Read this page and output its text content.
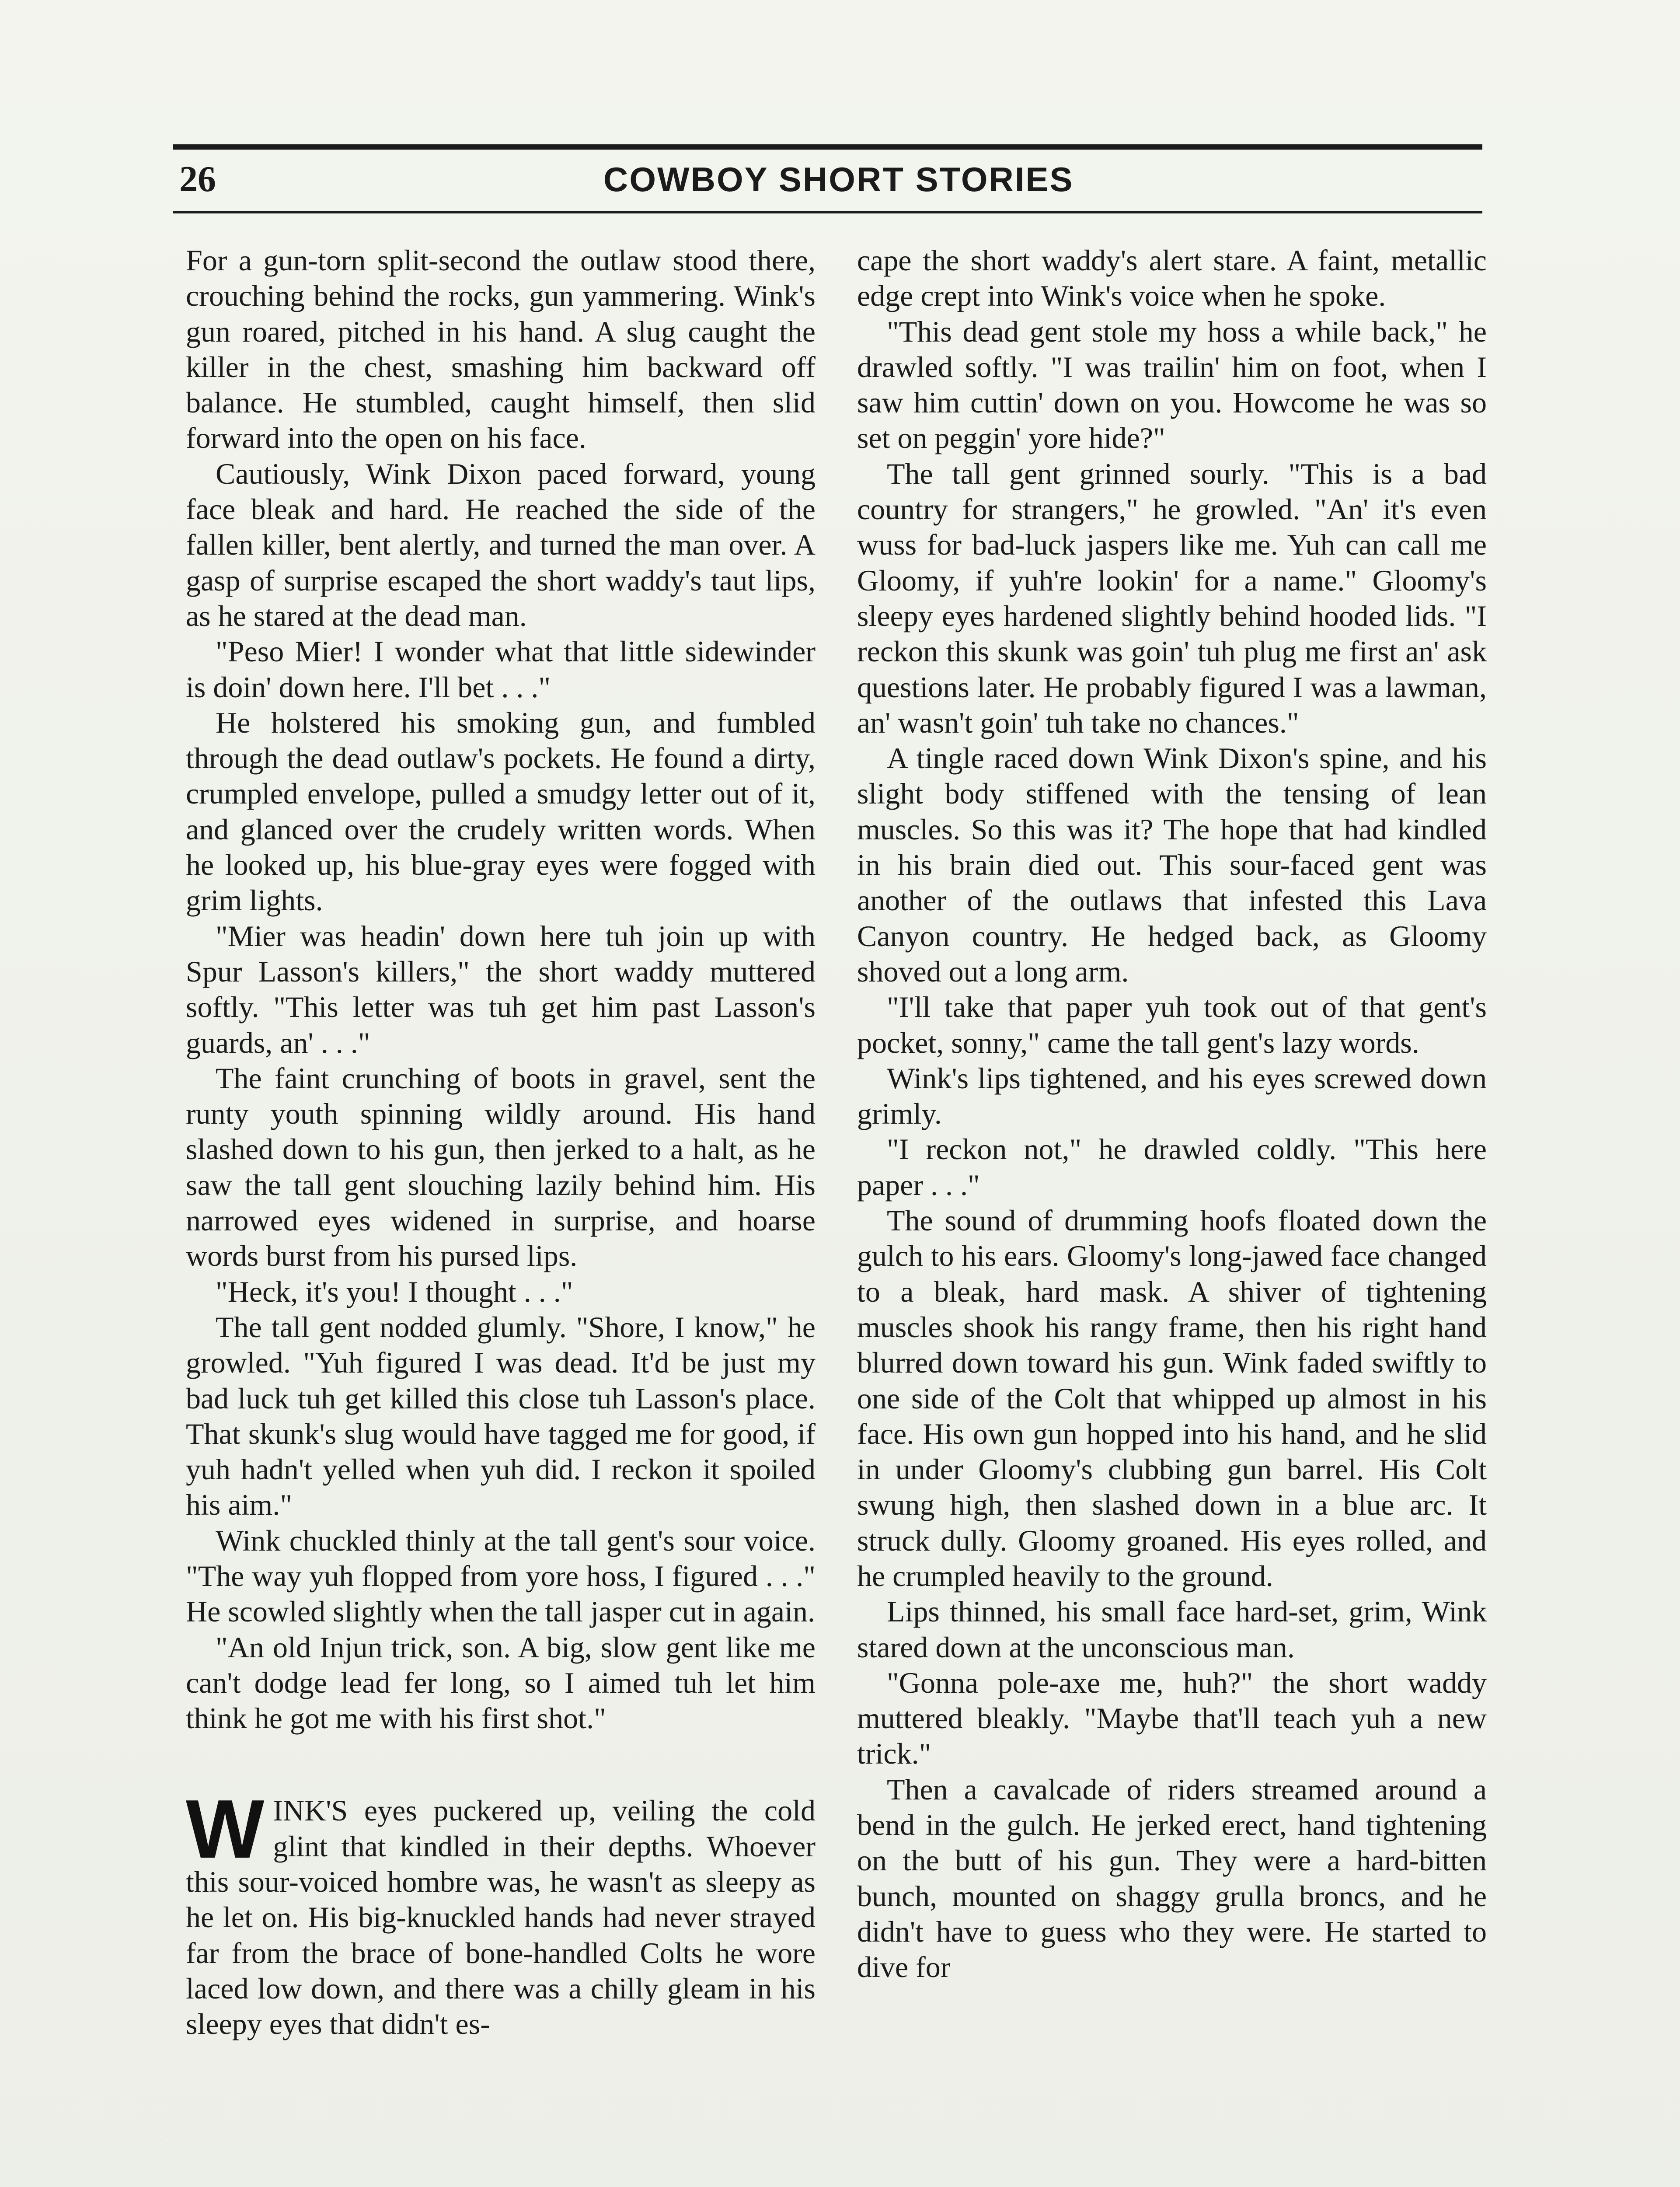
26	COWBOY SHORT STORIES

For a gun-torn split-second the outlaw stood there, crouching behind the rocks, gun yammering. Wink's gun roared, pitched in his hand. A slug caught the killer in the chest, smashing him backward off balance. He stumbled, caught himself, then slid forward into the open on his face.

Cautiously, Wink Dixon paced forward, young face bleak and hard. He reached the side of the fallen killer, bent alertly, and turned the man over. A gasp of surprise escaped the short waddy's taut lips, as he stared at the dead man.

"Peso Mier! I wonder what that little sidewinder is doin' down here. I'll bet . . ."

He holstered his smoking gun, and fumbled through the dead outlaw's pockets. He found a dirty, crumpled envelope, pulled a smudgy letter out of it, and glanced over the crudely written words. When he looked up, his blue-gray eyes were fogged with grim lights.

"Mier was headin' down here tuh join up with Spur Lasson's killers," the short waddy muttered softly. "This letter was tuh get him past Lasson's guards, an' . . ."

The faint crunching of boots in gravel, sent the runty youth spinning wildly around. His hand slashed down to his gun, then jerked to a halt, as he saw the tall gent slouching lazily behind him. His narrowed eyes widened in surprise, and hoarse words burst from his pursed lips.

"Heck, it's you! I thought . . ."

The tall gent nodded glumly. "Shore, I know," he growled. "Yuh figured I was dead. It'd be just my bad luck tuh get killed this close tuh Lasson's place. That skunk's slug would have tagged me for good, if yuh hadn't yelled when yuh did. I reckon it spoiled his aim."

Wink chuckled thinly at the tall gent's sour voice. "The way yuh flopped from yore hoss, I figured . . ." He scowled slightly when the tall jasper cut in again.

"An old Injun trick, son. A big, slow gent like me can't dodge lead fer long, so I aimed tuh let him think he got me with his first shot."

WINK'S eyes puckered up, veiling the cold glint that kindled in their depths. Whoever this sour-voiced hombre was, he wasn't as sleepy as he let on. His big-knuckled hands had never strayed far from the brace of bone-handled Colts he wore laced low down, and there was a chilly gleam in his sleepy eyes that didn't es-

cape the short waddy's alert stare. A faint, metallic edge crept into Wink's voice when he spoke.

"This dead gent stole my hoss a while back," he drawled softly. "I was trailin' him on foot, when I saw him cuttin' down on you. Howcome he was so set on peggin' yore hide?"

The tall gent grinned sourly. "This is a bad country for strangers," he growled. "An' it's even wuss for bad-luck jaspers like me. Yuh can call me Gloomy, if yuh're lookin' for a name." Gloomy's sleepy eyes hardened slightly behind hooded lids. "I reckon this skunk was goin' tuh plug me first an' ask questions later. He probably figured I was a lawman, an' wasn't goin' tuh take no chances."

A tingle raced down Wink Dixon's spine, and his slight body stiffened with the tensing of lean muscles. So this was it? The hope that had kindled in his brain died out. This sour-faced gent was another of the outlaws that infested this Lava Canyon country. He hedged back, as Gloomy shoved out a long arm.

"I'll take that paper yuh took out of that gent's pocket, sonny," came the tall gent's lazy words.

Wink's lips tightened, and his eyes screwed down grimly.

"I reckon not," he drawled coldly. "This here paper . . ."

The sound of drumming hoofs floated down the gulch to his ears. Gloomy's long-jawed face changed to a bleak, hard mask. A shiver of tightening muscles shook his rangy frame, then his right hand blurred down toward his gun. Wink faded swiftly to one side of the Colt that whipped up almost in his face. His own gun hopped into his hand, and he slid in under Gloomy's clubbing gun barrel. His Colt swung high, then slashed down in a blue arc. It struck dully. Gloomy groaned. His eyes rolled, and he crumpled heavily to the ground.

Lips thinned, his small face hard-set, grim, Wink stared down at the unconscious man.

"Gonna pole-axe me, huh?" the short waddy muttered bleakly. "Maybe that'll teach yuh a new trick."

Then a cavalcade of riders streamed around a bend in the gulch. He jerked erect, hand tightening on the butt of his gun. They were a hard-bitten bunch, mounted on shaggy grulla broncs, and he didn't have to guess who they were. He started to dive for
